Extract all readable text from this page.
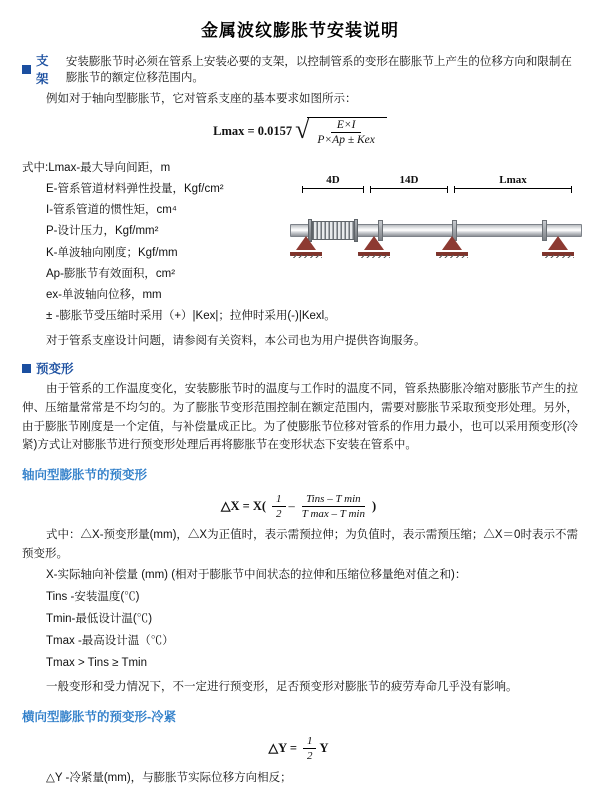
金属波纹膨胀节安装说明
支架
安装膨胀节时必须在管系上安装必要的支架，以控制管系的变形在膨胀节上产生的位移方向和限制在膨胀节的额定位移范围内。

例如对于轴向型膨胀节，它对管系支座的基本要求如图所示：

Lmax = 0.0157 √ $\frac{E\times I}{\text{P×Ap ± Kex}}$
式中:Lmax-最大导向间距，m
E-管系管道材料弹性投量，Kgf/cm²
I-管系管道的惯性矩，cm⁴
P-设计压力，Kgf/mm²
K-单波轴向刚度；Kgf/mm
Ap-膨胀节有效面积，cm²
ex-单波轴向位移，mm
± -膨胀节受压缩时采用（+）|Kex|；拉伸时采用(-)|Kexl。
4D	14D	Lmax

对于管系支座设计问题，请参阅有关资料，本公司也为用户提供咨询服务。

预变形

由于管系的工作温度变化，安装膨胀节时的温度与工作时的温度不同，管系热膨胀冷缩对膨胀节产生的拉伸、压缩量常常是不均匀的。为了膨胀节变形范围控制在额定范围内，需要对膨胀节采取预变形处理。另外，由于膨胀节刚度是一个定值，与补偿量成正比。为了使膨胀节位移对管系的作用力最小，也可以采用预变形(冷紧)方式让对膨胀节进行预变形处理后再将膨胀节在变形状态下安装在管系中。

轴向型膨胀节的预变形
△X = $X( \frac{1}{2} - \frac{\text{Tins – T min}}{\text{T max – T min}}$ )

式中：△X-预变形量(mm)，△X为正值时，表示需预拉伸；为负值时，表示需预压缩；△X＝0时表示不需预变形。

X-实际轴向补偿量 (mm) (相对于膨胀节中间状态的拉伸和压缩位移量绝对值之和)：
Tins -安装温度(℃)
Tmin-最低设计温(℃)
Tmax -最高设计温（℃）
Tmax > Tins ≥ Tmin

一般变形和受力情况下，不一定进行预变形，足否预变形对膨胀节的疲劳寿命几乎没有影响。

横向型膨胀节的预变形-冷紧
△Y = $\frac{1}{2}$ Y
△Y -冷紧量(mm)，与膨胀节实际位移方向相反；
